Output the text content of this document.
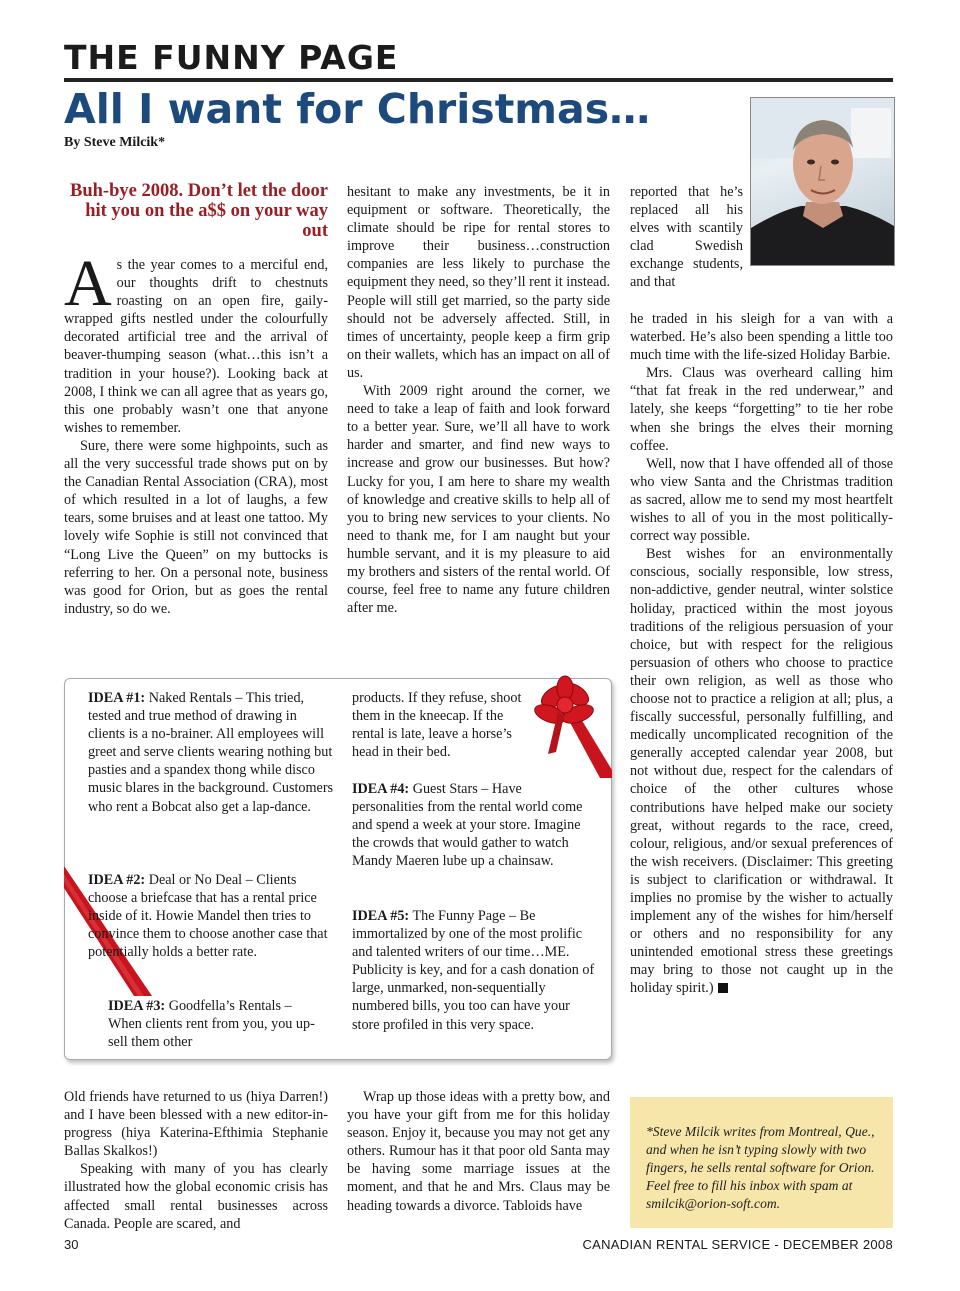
THE FUNNY PAGE
All I want for Christmas…
By Steve Milcik*
Buh-bye 2008. Don’t let the door hit you on the a$$ on your way out

As the year comes to a merciful end, our thoughts drift to chestnuts roasting on an open fire, gaily-wrapped gifts nestled under the colourfully decorated artificial tree and the arrival of beaver-thumping season (what…this isn’t a tradition in your house?). Looking back at 2008, I think we can all agree that as years go, this one probably wasn’t one that anyone wishes to remember.

Sure, there were some highpoints, such as all the very successful trade shows put on by the Canadian Rental Association (CRA), most of which resulted in a lot of laughs, a few tears, some bruises and at least one tattoo. My lovely wife Sophie is still not convinced that “Long Live the Queen” on my buttocks is referring to her. On a personal note, business was good for Orion, but as goes the rental industry, so do we.

hesitant to make any investments, be it in equipment or software. Theoretically, the climate should be ripe for rental stores to improve their business…construction companies are less likely to purchase the equipment they need, so they’ll rent it instead. People will still get married, so the party side should not be adversely affected. Still, in times of uncertainty, people keep a firm grip on their wallets, which has an impact on all of us.

With 2009 right around the corner, we need to take a leap of faith and look forward to a better year. Sure, we’ll all have to work harder and smarter, and find new ways to increase and grow our businesses. But how? Lucky for you, I am here to share my wealth of knowledge and creative skills to help all of you to bring new services to your clients. No need to thank me, for I am naught but your humble servant, and it is my pleasure to aid my brothers and sisters of the rental world. Of course, feel free to name any future children after me.

reported that he’s replaced all his elves with scantily clad Swedish exchange students, and that

he traded in his sleigh for a van with a waterbed. He’s also been spending a little too much time with the life-sized Holiday Barbie.

Mrs. Claus was overheard calling him “that fat freak in the red underwear,” and lately, she keeps “forgetting” to tie her robe when she brings the elves their morning coffee.

Well, now that I have offended all of those who view Santa and the Christmas tradition as sacred, allow me to send my most heartfelt wishes to all of you in the most politically-correct way possible.

Best wishes for an environmentally conscious, socially responsible, low stress, non-addictive, gender neutral, winter solstice holiday, practiced within the most joyous traditions of the religious persuasion of your choice, but with respect for the religious persuasion of others who choose to practice their own religion, as well as those who choose not to practice a religion at all; plus, a fiscally successful, personally fulfilling, and medically uncomplicated recognition of the generally accepted calendar year 2008, but not without due, respect for the calendars of choice of the other cultures whose contributions have helped make our society great, without regards to the race, creed, colour, religious, and/or sexual preferences of the wish receivers. (Disclaimer: This greeting is subject to clarification or withdrawal. It implies no promise by the wisher to actually implement any of the wishes for him/herself or others and no responsibility for any unintended emotional stress these greetings may bring to those not caught up in the holiday spirit.)

IDEA #1: Naked Rentals – This tried, tested and true method of drawing in clients is a no-brainer. All employees will greet and serve clients wearing nothing but pasties and a spandex thong while disco music blares in the background. Customers who rent a Bobcat also get a lap-dance.
IDEA #2: Deal or No Deal – Clients choose a briefcase that has a rental price inside of it. Howie Mandel then tries to convince them to choose another case that potentially holds a better rate.
IDEA #3: Goodfella’s Rentals – When clients rent from you, you up-sell them other
products. If they refuse, shoot them in the kneecap. If the rental is late, leave a horse’s head in their bed.
IDEA #4: Guest Stars – Have personalities from the rental world come and spend a week at your store. Imagine the crowds that would gather to watch Mandy Maeren lube up a chainsaw.
IDEA #5: The Funny Page – Be immortalized by one of the most prolific and talented writers of our time…ME. Publicity is key, and for a cash donation of large, unmarked, non-sequentially numbered bills, you too can have your store profiled in this very space.

Old friends have returned to us (hiya Darren!) and I have been blessed with a new editor-in-progress (hiya Katerina-Efthimia Stephanie Ballas Skalkos!)

Speaking with many of you has clearly illustrated how the global economic crisis has affected small rental businesses across Canada. People are scared, and

Wrap up those ideas with a pretty bow, and you have your gift from me for this holiday season. Enjoy it, because you may not get any others. Rumour has it that poor old Santa may be having some marriage issues at the moment, and that he and Mrs. Claus may be heading towards a divorce. Tabloids have

*Steve Milcik writes from Montreal, Que., and when he isn’t typing slowly with two fingers, he sells rental software for Orion. Feel free to fill his inbox with spam at smilcik@orion-soft.com.
30	CANADIAN RENTAL SERVICE - DECEMBER 2008
